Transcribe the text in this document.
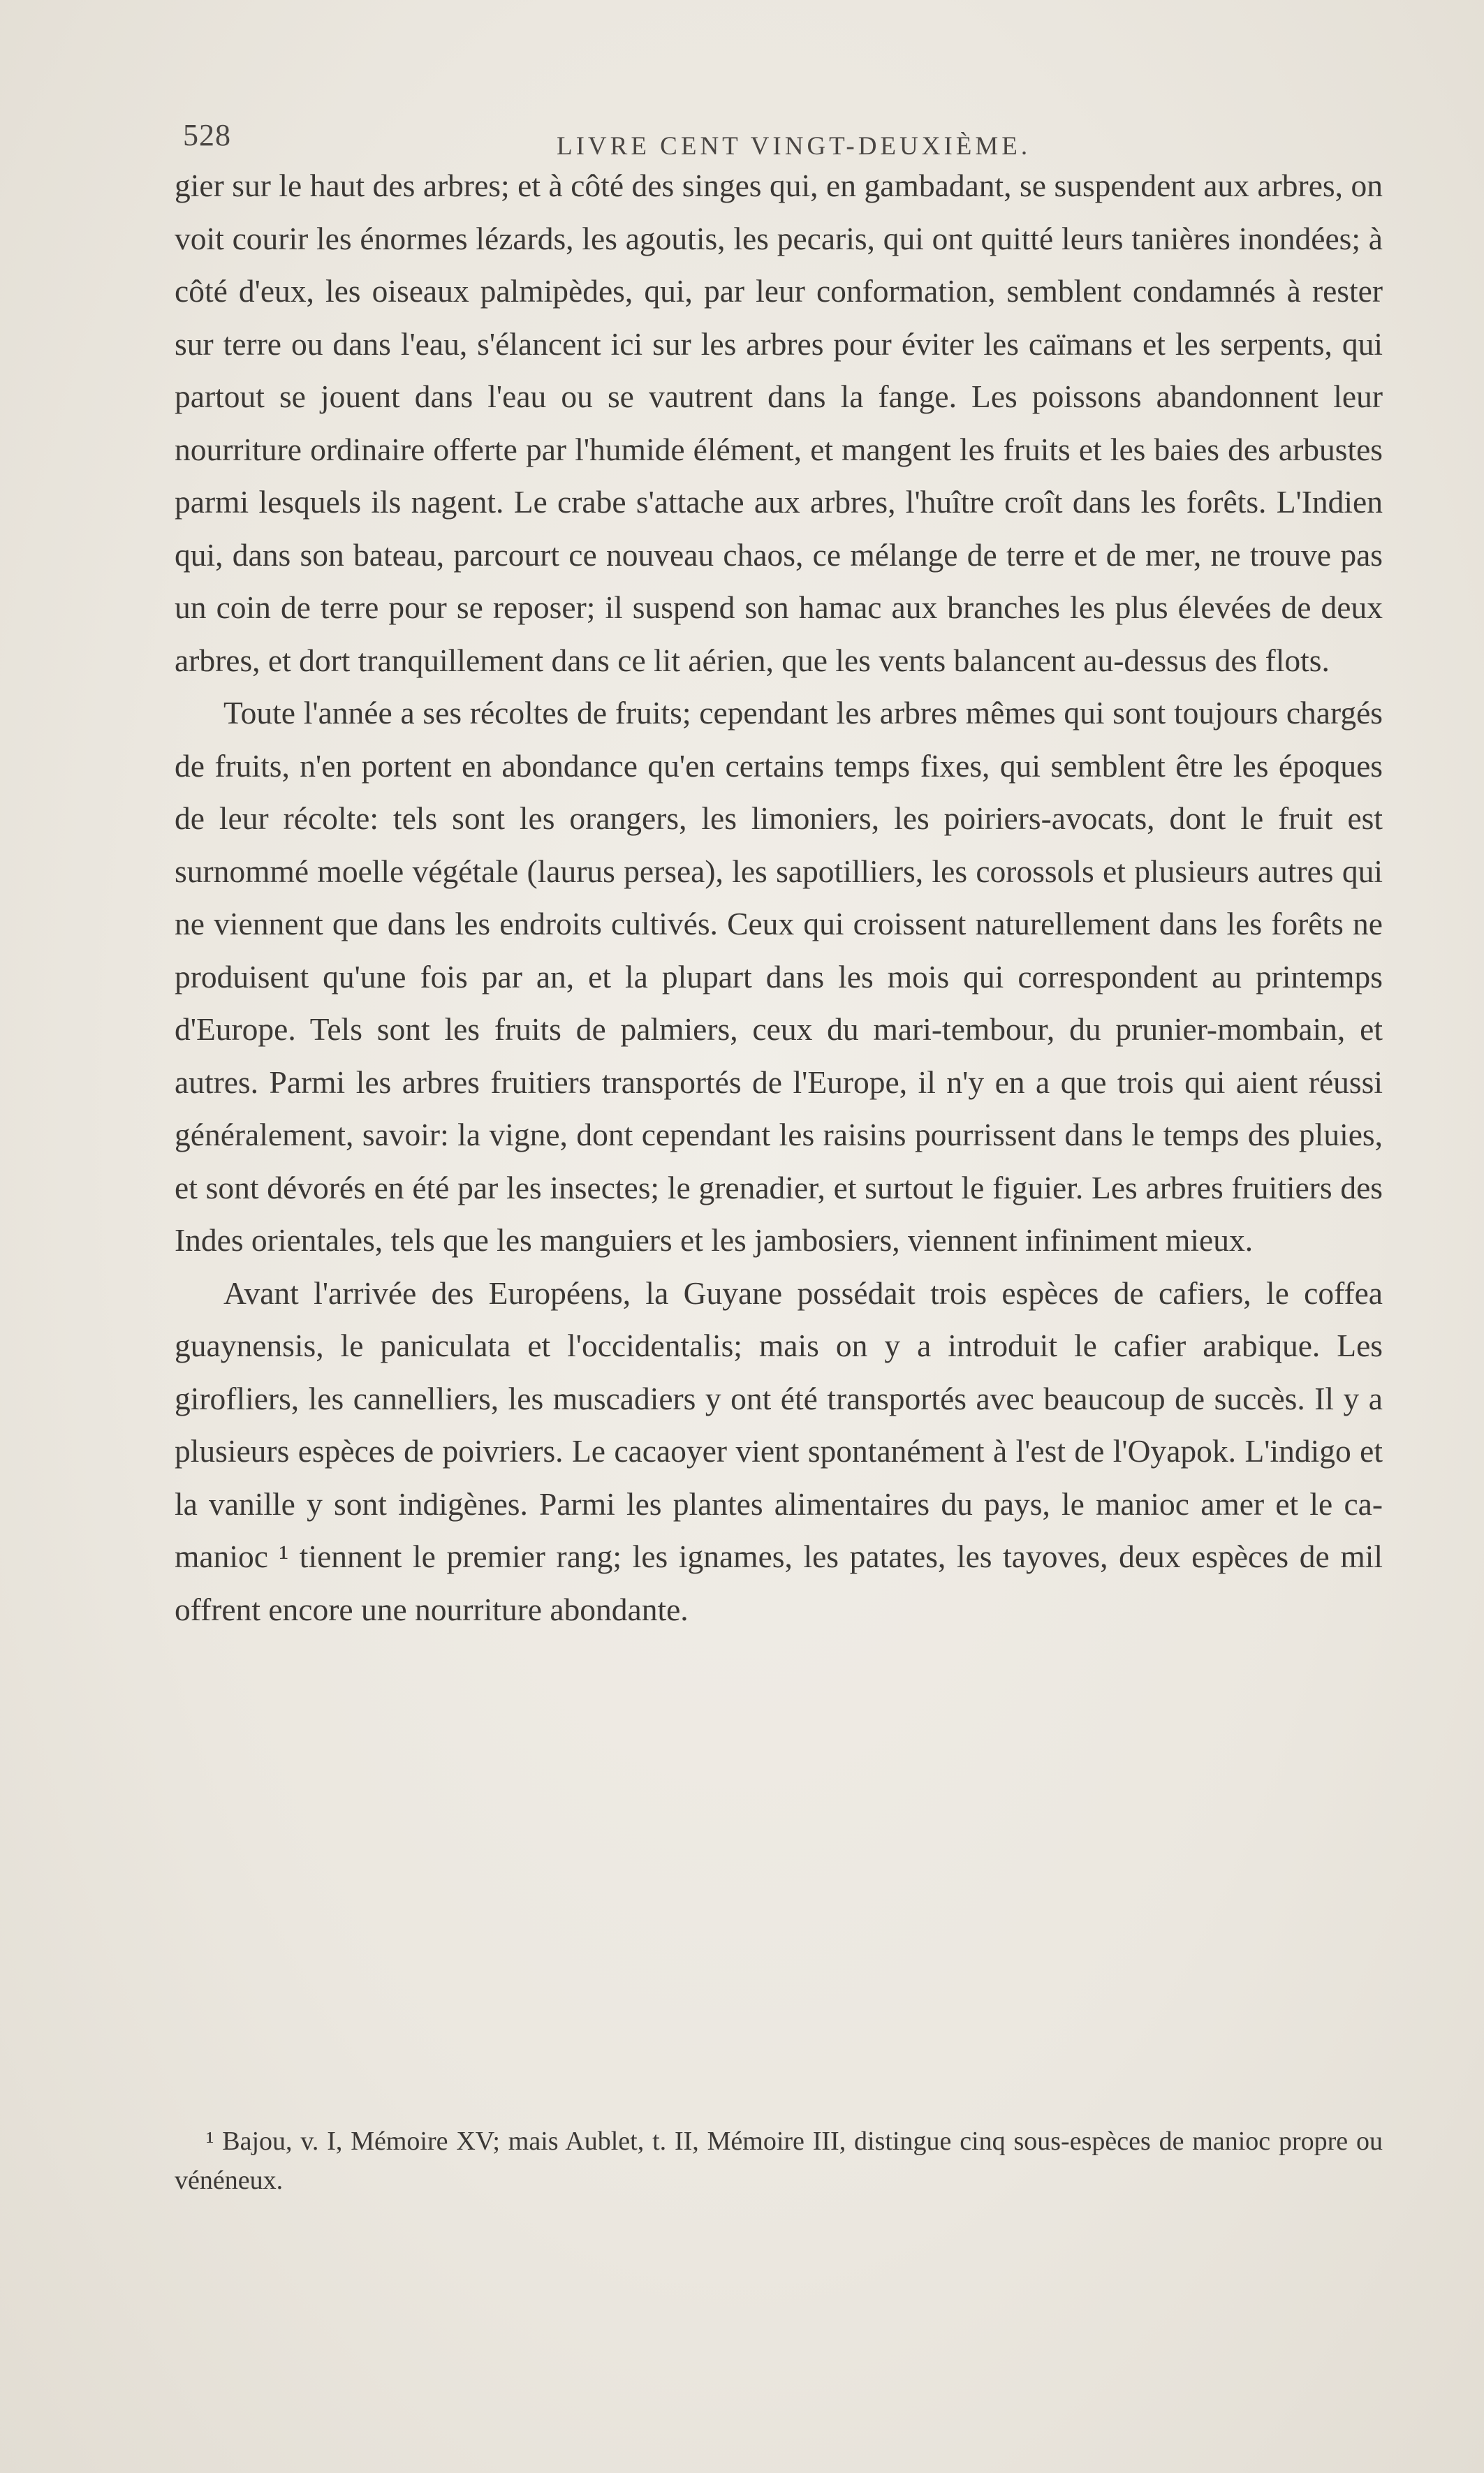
528	LIVRE CENT VINGT-DEUXIÈME.

gier sur le haut des arbres; et à côté des singes qui, en gambadant, se suspendent aux arbres, on voit courir les énormes lézards, les agoutis, les pecaris, qui ont quitté leurs tanières inondées; à côté d'eux, les oiseaux palmipèdes, qui, par leur conformation, semblent condamnés à rester sur terre ou dans l'eau, s'élancent ici sur les arbres pour éviter les caïmans et les serpents, qui partout se jouent dans l'eau ou se vautrent dans la fange. Les poissons abandonnent leur nourriture ordinaire offerte par l'humide élément, et mangent les fruits et les baies des arbustes parmi lesquels ils nagent. Le crabe s'attache aux arbres, l'huître croît dans les forêts. L'Indien qui, dans son bateau, parcourt ce nouveau chaos, ce mélange de terre et de mer, ne trouve pas un coin de terre pour se reposer; il suspend son hamac aux branches les plus élevées de deux arbres, et dort tranquillement dans ce lit aérien, que les vents balancent au-dessus des flots.

Toute l'année a ses récoltes de fruits; cependant les arbres mêmes qui sont toujours chargés de fruits, n'en portent en abondance qu'en certains temps fixes, qui semblent être les époques de leur récolte: tels sont les orangers, les limoniers, les poiriers-avocats, dont le fruit est surnommé moelle végétale (laurus persea), les sapotilliers, les corossols et plusieurs autres qui ne viennent que dans les endroits cultivés. Ceux qui croissent naturellement dans les forêts ne produisent qu'une fois par an, et la plupart dans les mois qui correspondent au printemps d'Europe. Tels sont les fruits de palmiers, ceux du mari-tembour, du prunier-mombain, et autres. Parmi les arbres fruitiers transportés de l'Europe, il n'y en a que trois qui aient réussi généralement, savoir: la vigne, dont cependant les raisins pourrissent dans le temps des pluies, et sont dévorés en été par les insectes; le grenadier, et surtout le figuier. Les arbres fruitiers des Indes orientales, tels que les manguiers et les jambosiers, viennent infiniment mieux.

Avant l'arrivée des Européens, la Guyane possédait trois espèces de cafiers, le coffea guaynensis, le paniculata et l'occidentalis; mais on y a introduit le cafier arabique. Les girofliers, les cannelliers, les muscadiers y ont été transportés avec beaucoup de succès. Il y a plusieurs espèces de poivriers. Le cacaoyer vient spontanément à l'est de l'Oyapok. L'indigo et la vanille y sont indigènes. Parmi les plantes alimentaires du pays, le manioc amer et le ca-manioc ¹ tiennent le premier rang; les ignames, les patates, les tayoves, deux espèces de mil offrent encore une nourriture abondante.

¹ Bajou, v. I, Mémoire XV; mais Aublet, t. II, Mémoire III, distingue cinq sous-espèces de manioc propre ou vénéneux.
